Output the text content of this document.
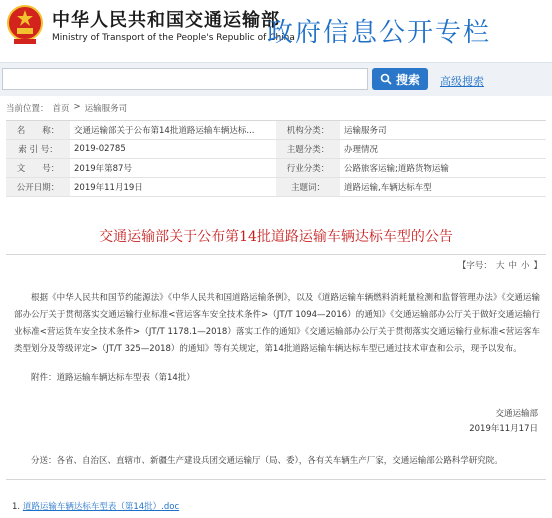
中华人民共和国交通运输部
Ministry of Transport of the People's Republic of China
政府信息公开专栏
搜索 高级搜索
当前位置： 首页 > 运输服务司
名　　称：	交通运输部关于公布第14批道路运输车辆达标...	机构分类：	运输服务司
索 引 号：	2019-02785	主题分类：	办理情况
文　　号：	2019年第87号	行业分类：	公路旅客运输;道路货物运输
公开日期：	2019年11月19日	主题词：	道路运输,车辆达标车型
交通运输部关于公布第14批道路运输车辆达标车型的公告
【字号： 大 中 小 】

根据《中华人民共和国节约能源法》《中华人民共和国道路运输条例》，以及《道路运输车辆燃料消耗量检测和监督管理办法》《交通运输部办公厅关于贯彻落实交通运输行业标准<营运客车安全技术条件>（JT/T 1094—2016）的通知》《交通运输部办公厅关于做好交通运输行业标准<营运货车安全技术条件>（JT/T 1178.1—2018）落实工作的通知》《交通运输部办公厅关于贯彻落实交通运输行业标准<营运客车类型划分及等级评定>（JT/T 325—2018）的通知》等有关规定，第14批道路运输车辆达标车型已通过技术审查和公示，现予以发布。

附件：道路运输车辆达标车型表（第14批）
交通运输部
2019年11月17日
分送：各省、自治区、直辖市、新疆生产建设兵团交通运输厅（局、委），各有关车辆生产厂家，交通运输部公路科学研究院。
1. 道路运输车辆达标车型表（第14批）.doc
